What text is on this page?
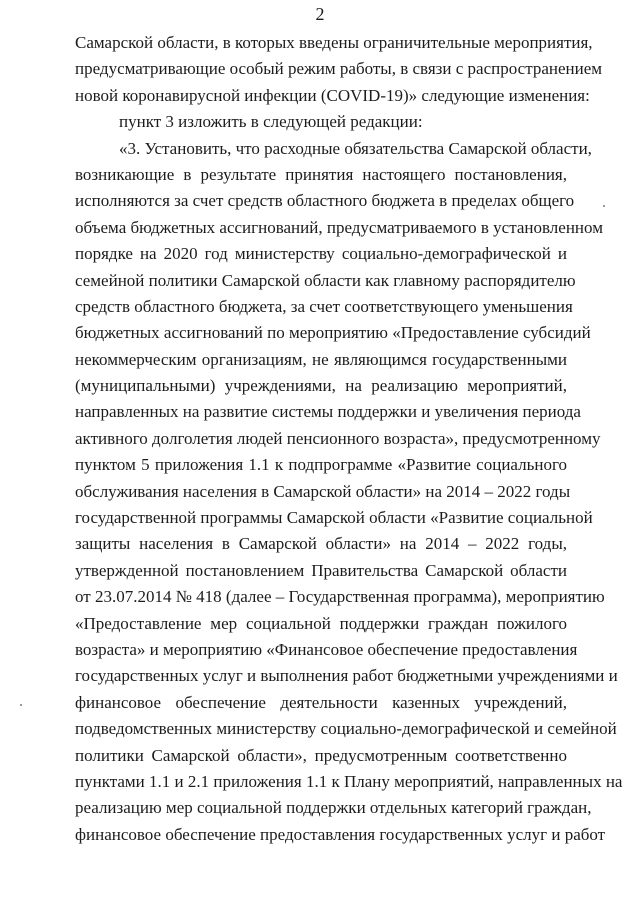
2
Самарской области, в которых введены ограничительные мероприятия,
предусматривающие особый режим работы, в связи с распространением
новой коронавирусной инфекции (COVID-19)» следующие изменения:
пункт 3 изложить в следующей редакции:
«3. Установить, что расходные обязательства Самарской области,
возникающие в результате принятия настоящего постановления,
исполняются за счет средств областного бюджета в пределах общего
объема бюджетных ассигнований, предусматриваемого в установленном
порядке на 2020 год министерству социально-демографической и
семейной политики Самарской области как главному распорядителю
средств областного бюджета, за счет соответствующего уменьшения
бюджетных ассигнований по мероприятию «Предоставление субсидий
некоммерческим организациям, не являющимся государственными
(муниципальными) учреждениями, на реализацию мероприятий,
направленных на развитие системы поддержки и увеличения периода
активного долголетия людей пенсионного возраста», предусмотренному
пунктом 5 приложения 1.1 к подпрограмме «Развитие социального
обслуживания населения в Самарской области» на 2014 – 2022 годы
государственной программы Самарской области «Развитие социальной
защиты населения в Самарской области» на 2014 – 2022 годы,
утвержденной постановлением Правительства Самарской области
от 23.07.2014 № 418 (далее – Государственная программа), мероприятию
«Предоставление мер социальной поддержки граждан пожилого
возраста» и мероприятию «Финансовое обеспечение предоставления
государственных услуг и выполнения работ бюджетными учреждениями и
финансовое обеспечение деятельности казенных учреждений,
подведомственных министерству социально-демографической и семейной
политики Самарской области», предусмотренным соответственно
пунктами 1.1 и 2.1 приложения 1.1 к Плану мероприятий, направленных на
реализацию мер социальной поддержки отдельных категорий граждан,
финансовое обеспечение предоставления государственных услуг и работ
